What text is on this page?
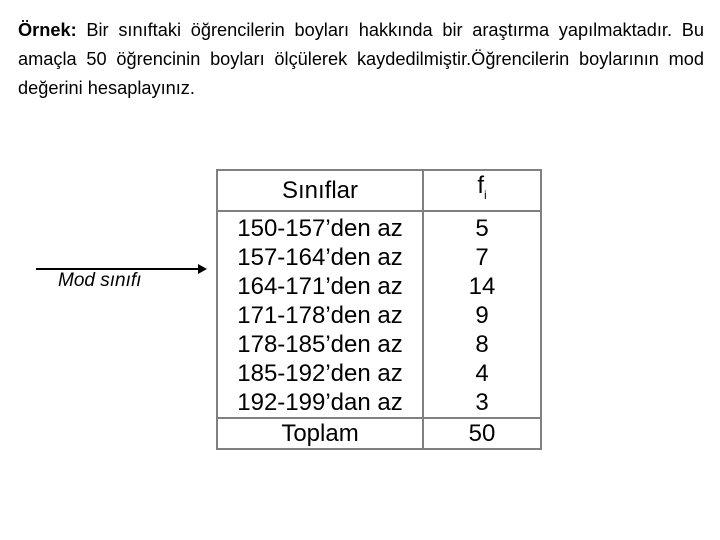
Örnek: Bir sınıftaki öğrencilerin boyları hakkında bir araştırma yapılmaktadır. Bu amaçla 50 öğrencinin boyları ölçülerek kaydedilmiştir.Öğrencilerin boylarının mod değerini hesaplayınız.
Mod sınıfı
Sınıflar	$f_i$
150-157’den az	5
157-164’den az	7
164-171’den az	14
171-178’den az	9
178-185’den az	8
185-192’den az	4
192-199’dan az	3
Toplam	50
